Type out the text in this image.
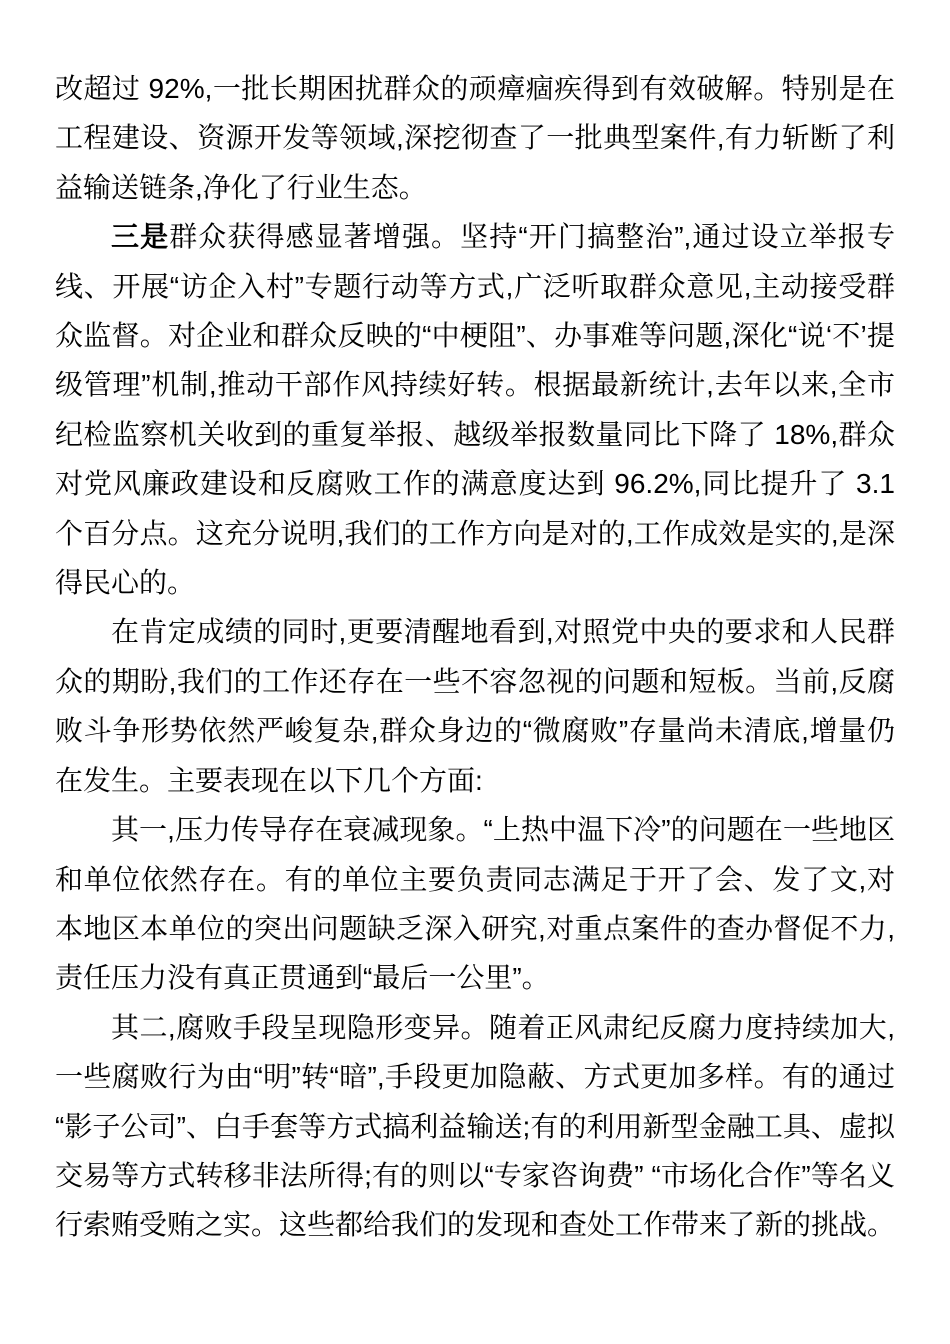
改超过 92%,一批长期困扰群众的顽瘴痼疾得到有效破解。特别是在工程建设、资源开发等领域,深挖彻查了一批典型案件,有力斩断了利益输送链条,净化了行业生态。

三是群众获得感显著增强。坚持“开门搞整治”,通过设立举报专线、开展“访企入村”专题行动等方式,广泛听取群众意见,主动接受群众监督。对企业和群众反映的“中梗阻”、办事难等问题,深化“说‘不’提级管理”机制,推动干部作风持续好转。根据最新统计,去年以来,全市纪检监察机关收到的重复举报、越级举报数量同比下降了 18%,群众对党风廉政建设和反腐败工作的满意度达到 96.2%,同比提升了 3.1 个百分点。这充分说明,我们的工作方向是对的,工作成效是实的,是深得民心的。

在肯定成绩的同时,更要清醒地看到,对照党中央的要求和人民群众的期盼,我们的工作还存在一些不容忽视的问题和短板。当前,反腐败斗争形势依然严峻复杂,群众身边的“微腐败”存量尚未清底,增量仍在发生。主要表现在以下几个方面:

其一,压力传导存在衰减现象。“上热中温下冷”的问题在一些地区和单位依然存在。有的单位主要负责同志满足于开了会、发了文,对本地区本单位的突出问题缺乏深入研究,对重点案件的查办督促不力,责任压力没有真正贯通到“最后一公里”。

其二,腐败手段呈现隐形变异。随着正风肃纪反腐力度持续加大,一些腐败行为由“明”转“暗”,手段更加隐蔽、方式更加多样。有的通过“影子公司”、白手套等方式搞利益输送;有的利用新型金融工具、虚拟交易等方式转移非法所得;有的则以“专家咨询费” “市场化合作”等名义行索贿受贿之实。这些都给我们的发现和查处工作带来了新的挑战。
